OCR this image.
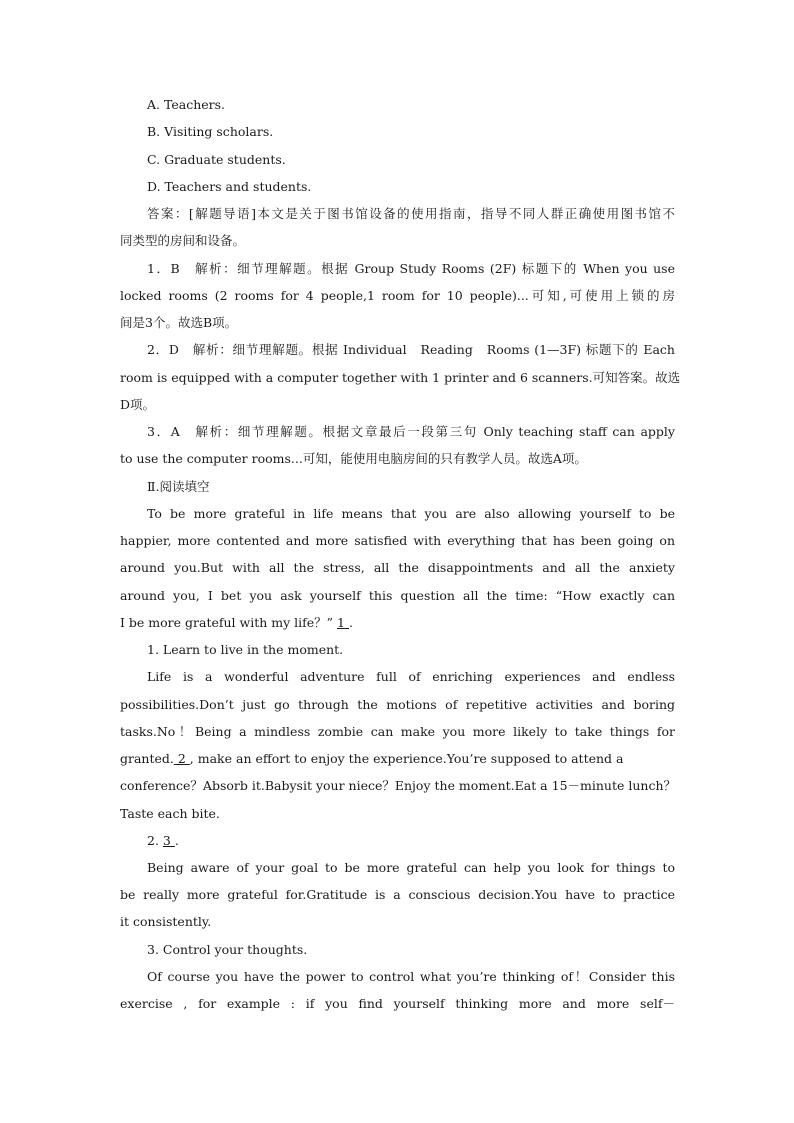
A. Teachers.
B. Visiting scholars.
C. Graduate students.
D. Teachers and students.
答案：[解题导语]本文是关于图书馆设备的使用指南，指导不同人群正确使用图书馆不
同类型的房间和设备。
1．B　解析：细节理解题。根据 Group Study Rooms (2F) 标题下的 When you use
locked rooms (2 rooms for 4 people,1 room for 10 people)...可知,可使用上锁的房
间是3个。故选B项。
2．D　解析：细节理解题。根据 Individual　Reading　Rooms (1—3F) 标题下的 Each
room is equipped with a computer together with 1 printer and 6 scanners.可知答案。故选
D项。
3．A　解析：细节理解题。根据文章最后一段第三句 Only teaching staff can apply
to use the computer rooms...可知，能使用电脑房间的只有教学人员。故选A项。
Ⅱ.阅读填空
To be more grateful in life means that you are also allowing yourself to be
happier, more contented and more satisfied with everything that has been going on
around you.But with all the stress, all the disappointments and all the anxiety
around you, I bet you ask yourself this question all the time: “How exactly can
I be more grateful with my life？” 1 .
1. Learn to live in the moment.
Life is a wonderful adventure full of enriching experiences and endless
possibilities.Don’t just go through the motions of repetitive activities and boring
tasks.No！Being a mindless zombie can make you more likely to take things for
granted. 2 , make an effort to enjoy the experience.You’re supposed to attend a
conference？Absorb it.Babysit your niece？Enjoy the moment.Eat a 15－minute lunch？
Taste each bite.
2. 3 .
Being aware of your goal to be more grateful can help you look for things to
be really more grateful for.Gratitude is a conscious decision.You have to practice
it consistently.
3. Control your thoughts.
Of course you have the power to control what you’re thinking of！Consider this
exercise , for example : if you find yourself thinking more and more self－
